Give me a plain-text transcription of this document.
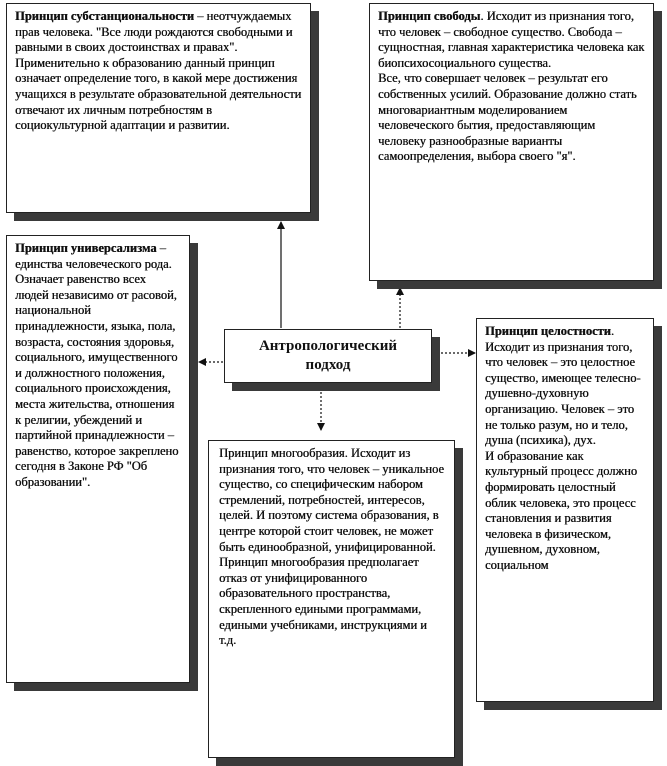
Антропологический
подход

Принцип субстанциональности – неотчуждаемых прав человека. "Все люди рождаются свободными и равными в своих достоинствах и правах". Применительно к образованию данный принцип означает определение того, в какой мере достижения учащихся в результате образовательной деятельности отвечают их личным потребностям в социокультурной адаптации и развитии.

Принцип свободы. Исходит из признания того, что человек – свободное существо. Свобода – сущностная, главная характеристика человека как биопсихосоциального существа.
Все, что совершает человек – результат его собственных усилий. Образование должно стать многовариантным моделированием человеческого бытия, предоставляющим человеку разнообразные варианты самоопределения, выбора своего "я".

Принцип универсализма – единства человеческого рода. Означает равенство всех людей независимо от расовой, национальной принадлежности, языка, пола, возраста, состояния здоровья, социального, имущественного и должностного положения, социального происхождения, места жительства, отношения к религии, убеждений и партийной принадлежности – равенство, которое закреплено сегодня в Законе РФ "Об образовании".

Принцип целостности. Исходит из признания того, что человек – это целостное существо, имеющее телесно-душевно-духовную организацию. Человек – это не только разум, но и тело, душа (психика), дух.
И образование как культурный процесс должно формировать целостный облик человека, это процесс становления и развития человека в физическом, душевном, духовном, социальном

Принцип многообразия. Исходит из признания того, что человек – уникальное существо, со специфическим набором стремлений, потребностей, интересов, целей. И поэтому система образования, в центре которой стоит человек, не может быть единообразной, унифицированной. Принцип многообразия предполагает отказ от унифицированного образовательного пространства, скрепленного едиными программами, едиными учебниками, инструкциями и т.д.
